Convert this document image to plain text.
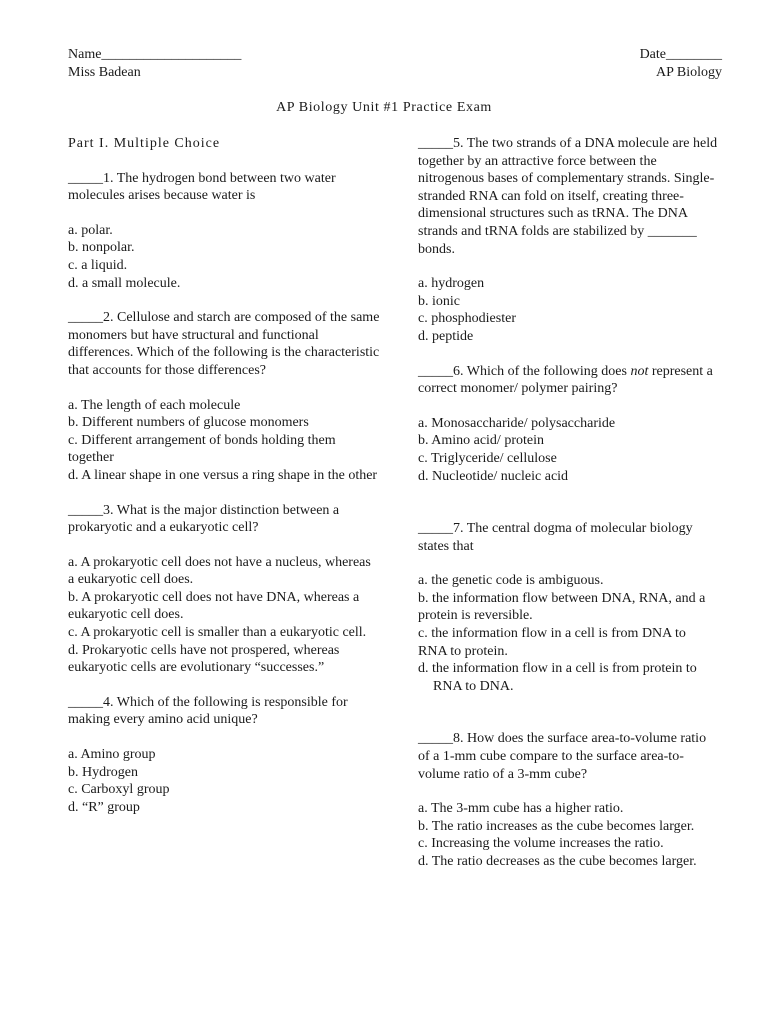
Name____________________
Miss Badean
Date________
AP Biology
AP Biology Unit #1 Practice Exam
Part I. Multiple Choice
_____1. The hydrogen bond between two water molecules arises because water is
a. polar.
b. nonpolar.
c. a liquid.
d. a small molecule.
_____2. Cellulose and starch are composed of the same monomers but have structural and functional differences. Which of the following is the characteristic that accounts for those differences?
a. The length of each molecule
b. Different numbers of glucose monomers
c. Different arrangement of bonds holding them together
d. A linear shape in one versus a ring shape in the other
_____3. What is the major distinction between a prokaryotic and a eukaryotic cell?
a. A prokaryotic cell does not have a nucleus, whereas a eukaryotic cell does.
b. A prokaryotic cell does not have DNA, whereas a eukaryotic cell does.
c. A prokaryotic cell is smaller than a eukaryotic cell.
d. Prokaryotic cells have not prospered, whereas eukaryotic cells are evolutionary “successes.”
_____4. Which of the following is responsible for making every amino acid unique?
a. Amino group
b. Hydrogen
c. Carboxyl group
d. “R” group
_____5. The two strands of a DNA molecule are held together by an attractive force between the nitrogenous bases of complementary strands. Single-stranded RNA can fold on itself, creating three-dimensional structures such as tRNA. The DNA strands and tRNA folds are stabilized by _______ bonds.
a. hydrogen
b. ionic
c. phosphodiester
d. peptide
_____6. Which of the following does not represent a correct monomer/ polymer pairing?
a. Monosaccharide/ polysaccharide
b. Amino acid/ protein
c. Triglyceride/ cellulose
d. Nucleotide/ nucleic acid
_____7. The central dogma of molecular biology states that
a. the genetic code is ambiguous.
b. the information flow between DNA, RNA, and a protein is reversible.
c. the information flow in a cell is from DNA to RNA to protein.
d. the information flow in a cell is from protein to RNA to DNA.
_____8. How does the surface area-to-volume ratio of a 1-mm cube compare to the surface area-to-volume ratio of a 3-mm cube?
a. The 3-mm cube has a higher ratio.
b. The ratio increases as the cube becomes larger.
c. Increasing the volume increases the ratio.
d. The ratio decreases as the cube becomes larger.
